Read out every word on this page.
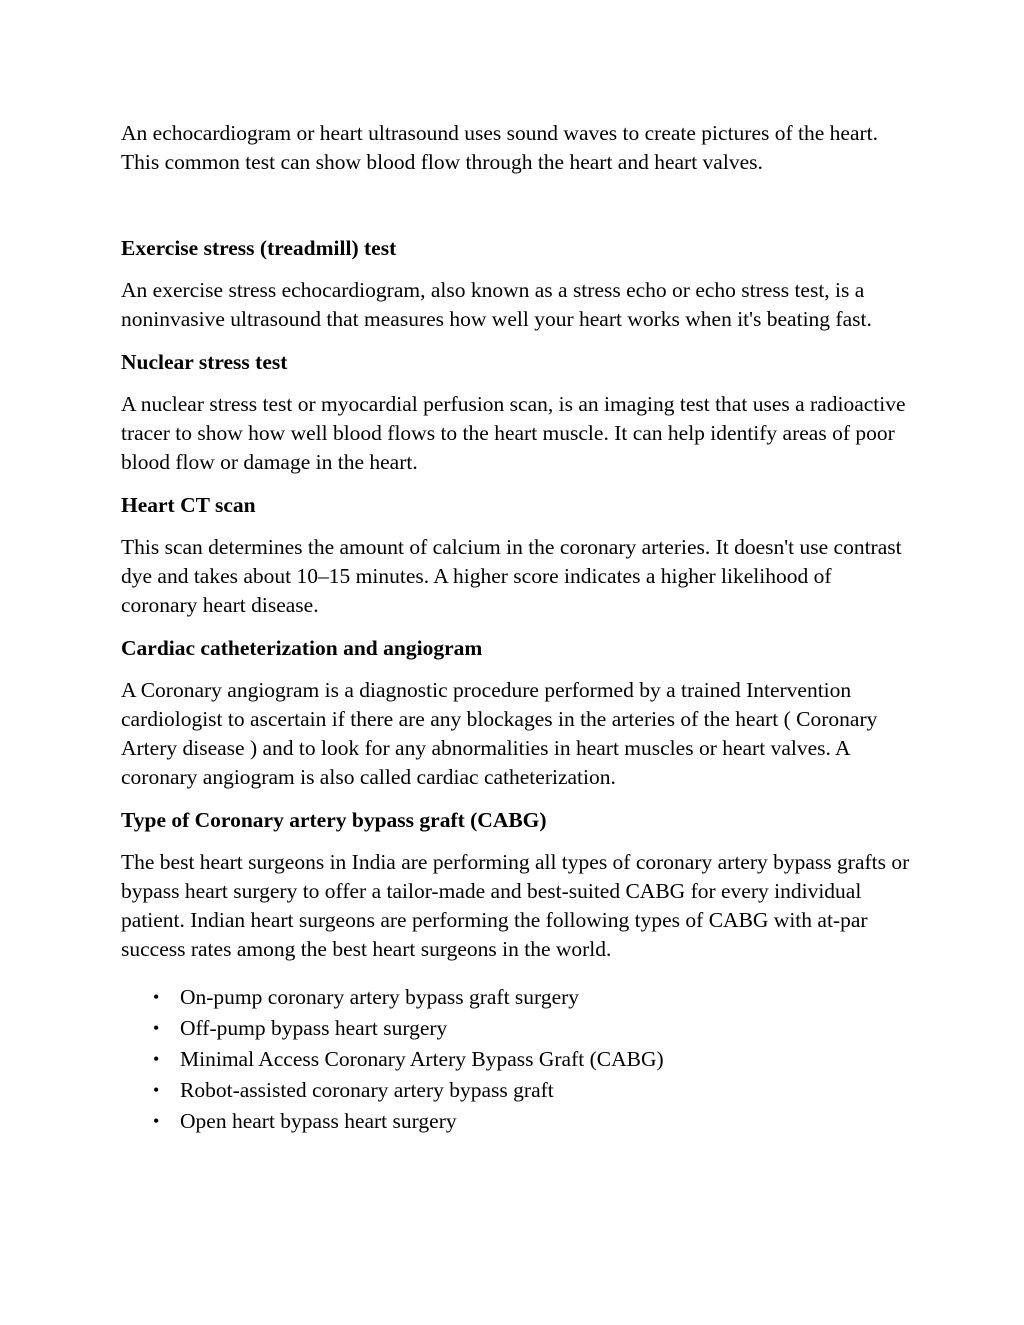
An echocardiogram or heart ultrasound uses sound waves to create pictures of the heart. This common test can show blood flow through the heart and heart valves.

Exercise stress (treadmill) test

An exercise stress echocardiogram, also known as a stress echo or echo stress test, is a noninvasive ultrasound that measures how well your heart works when it's beating fast.

Nuclear stress test

A nuclear stress test or myocardial perfusion scan, is an imaging test that uses a radioactive tracer to show how well blood flows to the heart muscle. It can help identify areas of poor blood flow or damage in the heart.

Heart CT scan

This scan determines the amount of calcium in the coronary arteries. It doesn't use contrast dye and takes about 10–15 minutes. A higher score indicates a higher likelihood of coronary heart disease.

Cardiac catheterization and angiogram

A Coronary angiogram is a diagnostic procedure performed by a trained Intervention cardiologist to ascertain if there are any blockages in the arteries of the heart ( Coronary Artery disease ) and to look for any abnormalities in heart muscles or heart valves. A coronary angiogram is also called cardiac catheterization.

Type of Coronary artery bypass graft (CABG)

The best heart surgeons in India are performing all types of coronary artery bypass grafts or bypass heart surgery to offer a tailor-made and best-suited CABG for every individual patient. Indian heart surgeons are performing the following types of CABG with at-par success rates among the best heart surgeons in the world.

• On-pump coronary artery bypass graft surgery
• Off-pump bypass heart surgery
• Minimal Access Coronary Artery Bypass Graft (CABG)
• Robot-assisted coronary artery bypass graft
• Open heart bypass heart surgery
